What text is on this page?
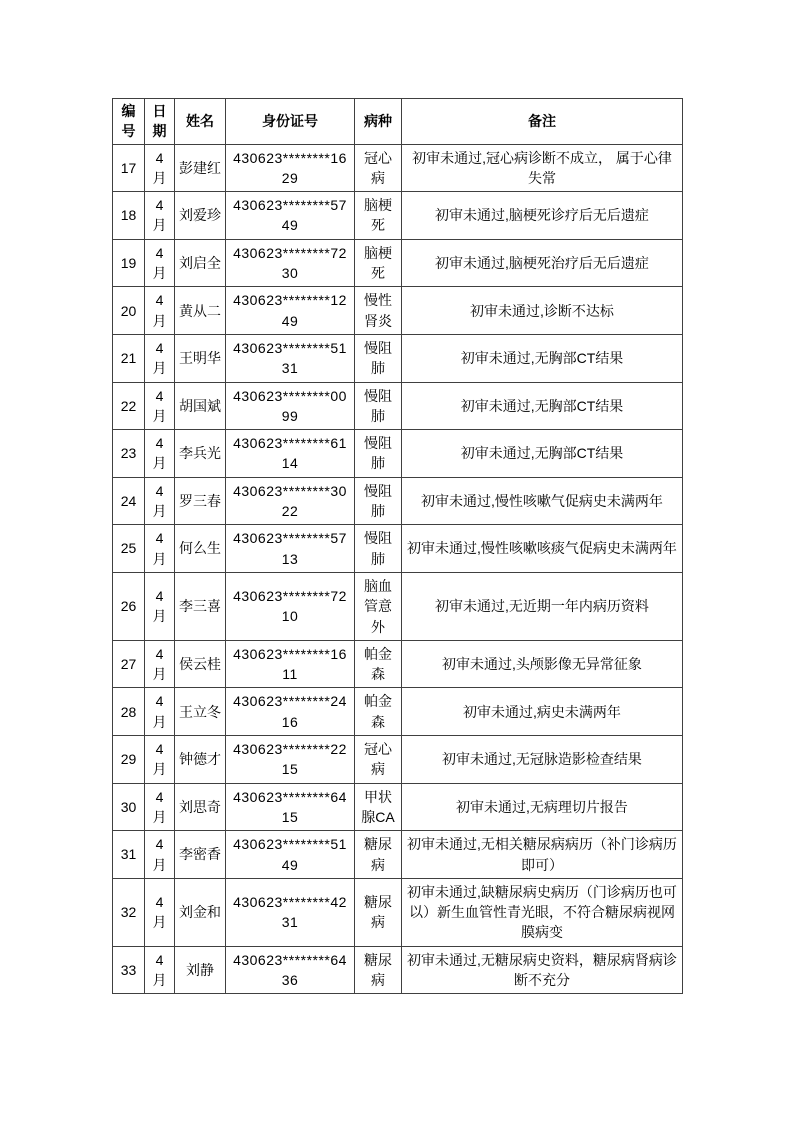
编号	日期	姓名	身份证号	病种	备注
17	4月	彭建红	430623********1629	冠心病	初审未通过,冠心病诊断不成立， 属于心律失常
18	4月	刘爱珍	430623********5749	脑梗死	初审未通过,脑梗死诊疗后无后遗症
19	4月	刘启全	430623********7230	脑梗死	初审未通过,脑梗死治疗后无后遗症
20	4月	黄从二	430623********1249	慢性肾炎	初审未通过,诊断不达标
21	4月	王明华	430623********5131	慢阻肺	初审未通过,无胸部CT结果
22	4月	胡国斌	430623********0099	慢阻肺	初审未通过,无胸部CT结果
23	4月	李兵光	430623********6114	慢阻肺	初审未通过,无胸部CT结果
24	4月	罗三春	430623********3022	慢阻肺	初审未通过,慢性咳嗽气促病史未满两年
25	4月	何么生	430623********5713	慢阻肺	初审未通过,慢性咳嗽咳痰气促病史未满两年
26	4月	李三喜	430623********7210	脑血管意外	初审未通过,无近期一年内病历资料
27	4月	侯云桂	430623********1611	帕金森	初审未通过,头颅影像无异常征象
28	4月	王立冬	430623********2416	帕金森	初审未通过,病史未满两年
29	4月	钟德才	430623********2215	冠心病	初审未通过,无冠脉造影检查结果
30	4月	刘思奇	430623********6415	甲状腺CA	初审未通过,无病理切片报告
31	4月	李密香	430623********5149	糖尿病	初审未通过,无相关糖尿病病历（补门诊病历即可）
32	4月	刘金和	430623********4231	糖尿病	初审未通过,缺糖尿病史病历（门诊病历也可以）新生血管性青光眼，不符合糖尿病视网膜病变
33	4月	刘静	430623********6436	糖尿病	初审未通过,无糖尿病史资料，糖尿病肾病诊断不充分
